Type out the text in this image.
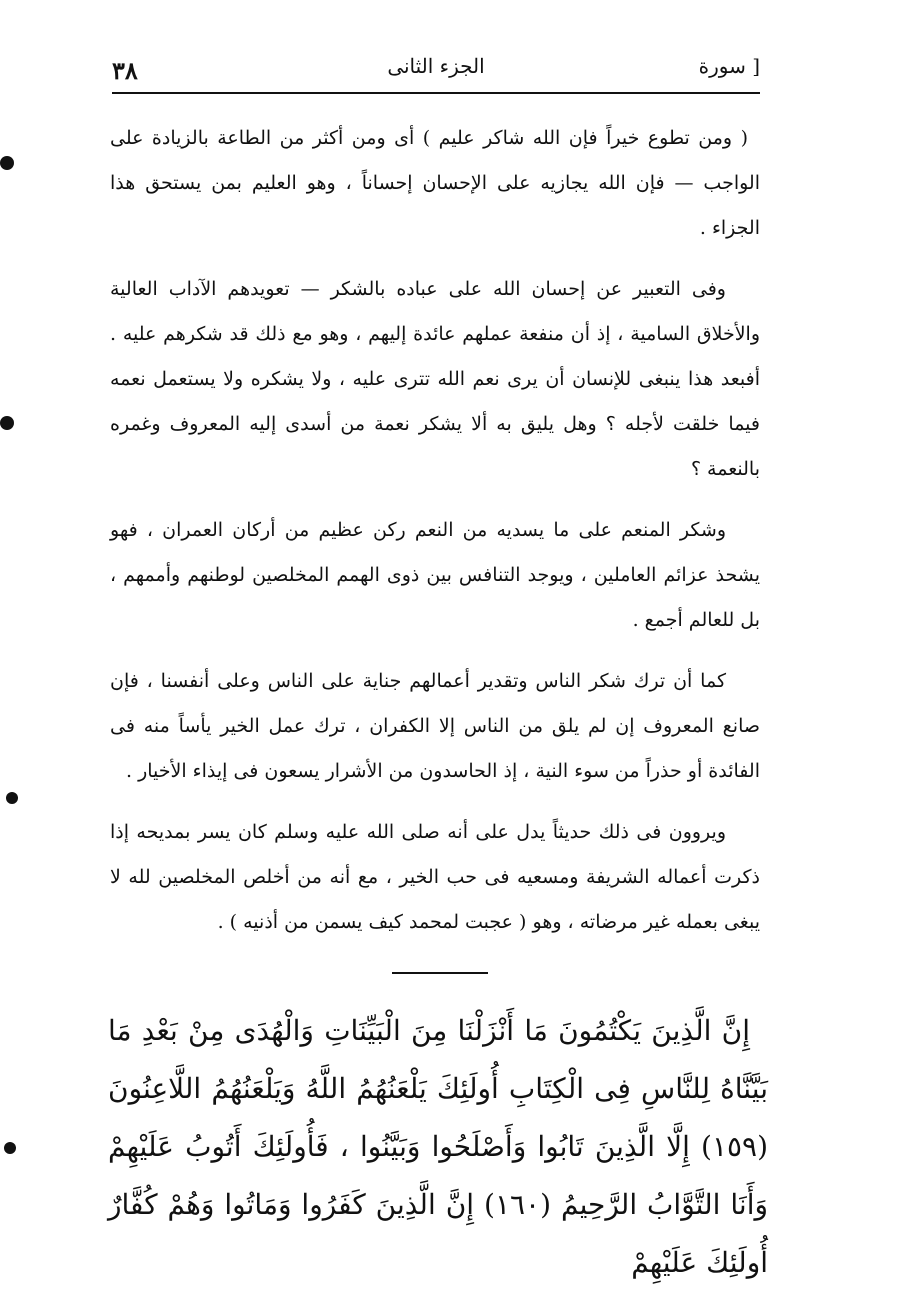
٣٨	الجزء الثانى	[ سورة

( ومن تطوع خيراً فإن الله شاكر عليم ) أى ومن أكثر من الطاعة بالزيادة على الواجب — فإن الله يجازيه على الإحسان إحساناً ، وهو العليم بمن يستحق هذا الجزاء .

وفى التعبير عن إحسان الله على عباده بالشكر — تعويدهم الآداب العالية والأخلاق السامية ، إذ أن منفعة عملهم عائدة إليهم ، وهو مع ذلك قد شكرهم عليه . أفبعد هذا ينبغى للإنسان أن يرى نعم الله تترى عليه ، ولا يشكره ولا يستعمل نعمه فيما خلقت لأجله ؟ وهل يليق به ألا يشكر نعمة من أسدى إليه المعروف وغمره بالنعمة ؟

وشكر المنعم على ما يسديه من النعم ركن عظيم من أركان العمران ، فهو يشحذ عزائم العاملين ، ويوجد التنافس بين ذوى الهمم المخلصين لوطنهم وأممهم ، بل للعالم أجمع .

كما أن ترك شكر الناس وتقدير أعمالهم جناية على الناس وعلى أنفسنا ، فإن صانع المعروف إن لم يلق من الناس إلا الكفران ، ترك عمل الخير يأساً منه فى الفائدة أو حذراً من سوء النية ، إذ الحاسدون من الأشرار يسعون فى إيذاء الأخيار .

ويروون فى ذلك حديثاً يدل على أنه صلى الله عليه وسلم كان يسر بمديحه إذا ذكرت أعماله الشريفة ومسعيه فى حب الخير ، مع أنه من أخلص المخلصين لله لا يبغى بعمله غير مرضاته ، وهو ( عجبت لمحمد كيف يسمن من أذنيه ) .

إِنَّ الَّذِينَ يَكْتُمُونَ مَا أَنْزَلْنَا مِنَ الْبَيِّنَاتِ وَالْهُدَى مِنْ بَعْدِ مَا بَيَّنَّاهُ لِلنَّاسِ فِى الْكِتَابِ أُولَئِكَ يَلْعَنُهُمُ اللَّهُ وَيَلْعَنُهُمُ اللَّاعِنُونَ (١٥٩) إِلَّا الَّذِينَ تَابُوا وَأَصْلَحُوا وَبَيَّنُوا ، فَأُولَئِكَ أَتُوبُ عَلَيْهِمْ وَأَنَا التَّوَّابُ الرَّحِيمُ (١٦٠) إِنَّ الَّذِينَ كَفَرُوا وَمَاتُوا وَهُمْ كُفَّارٌ أُولَئِكَ عَلَيْهِمْ
